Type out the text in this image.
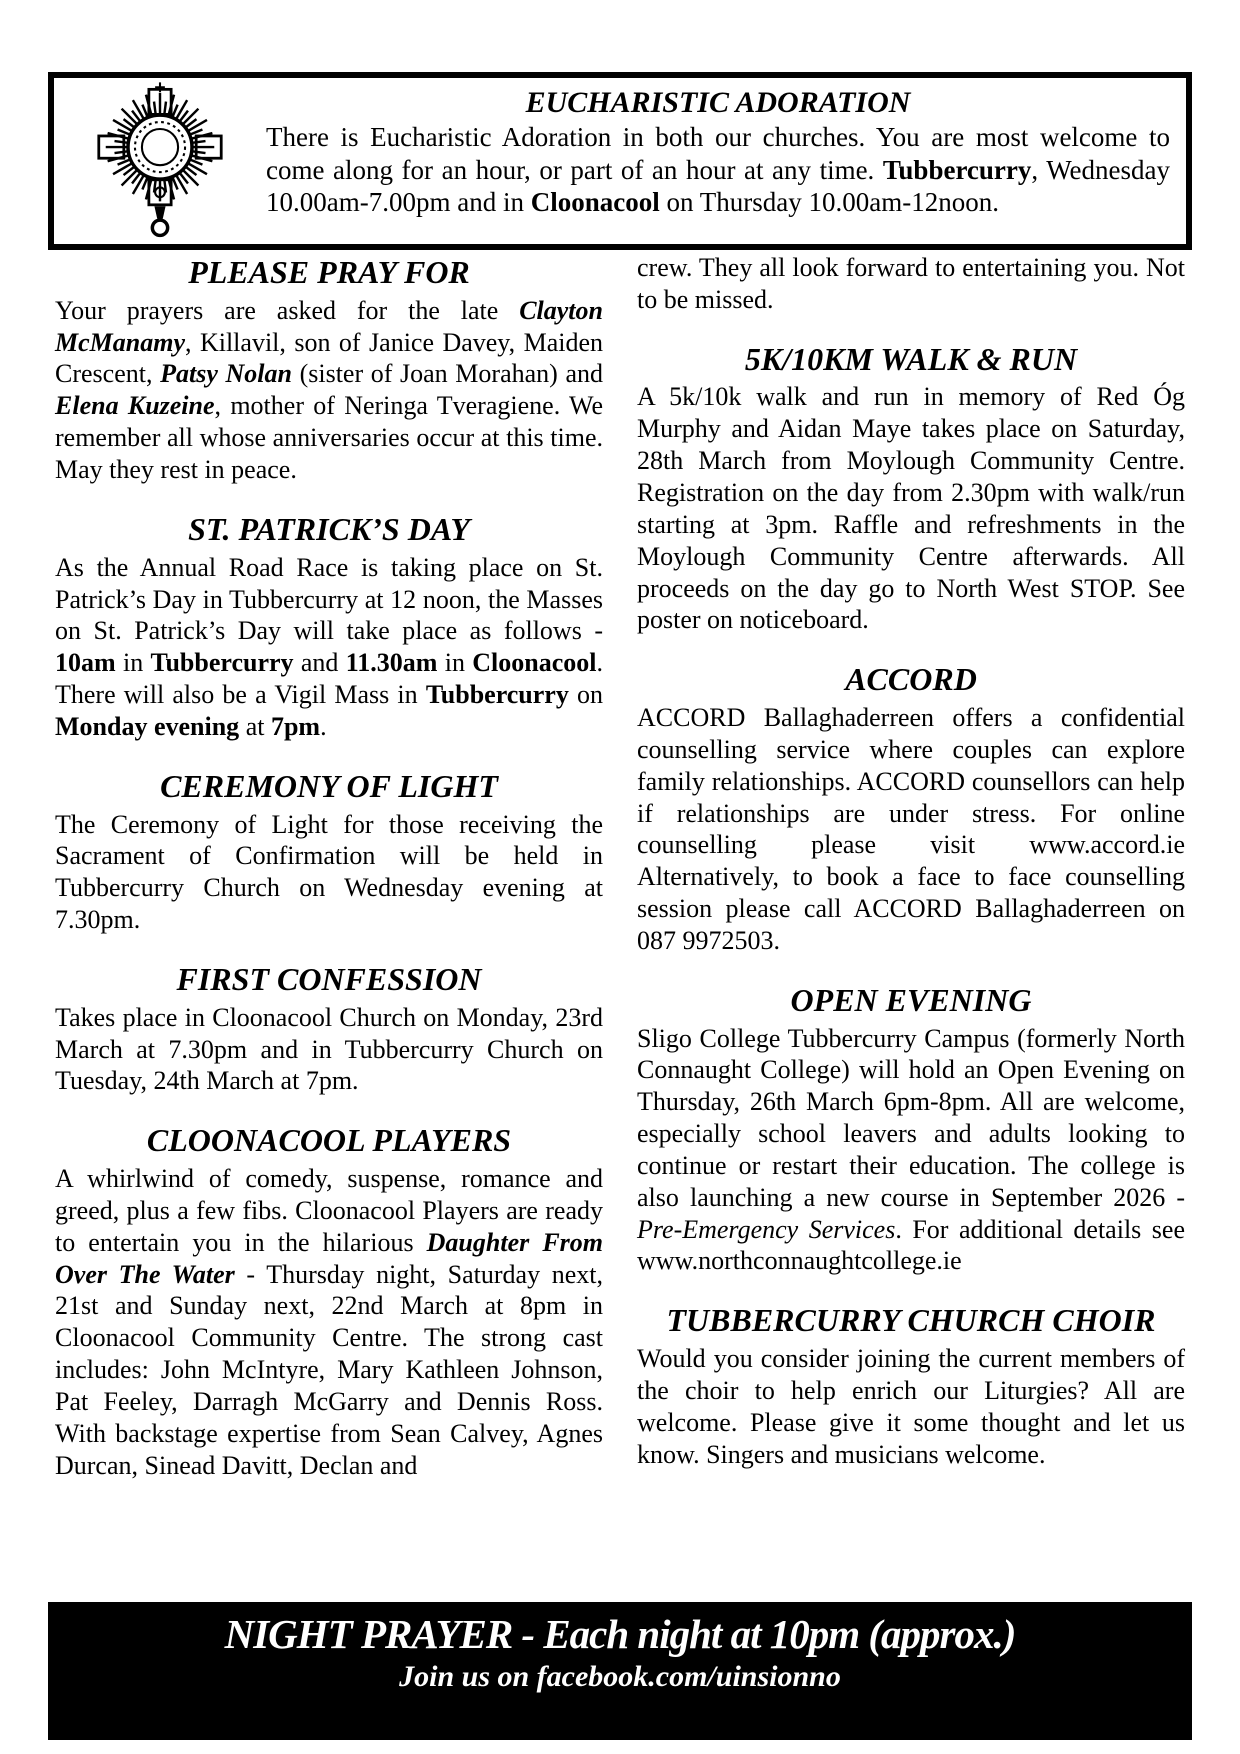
EUCHARISTIC ADORATION

There is Eucharistic Adoration in both our churches. You are most welcome to come along for an hour, or part of an hour at any time. Tubbercurry, Wednesday 10.00am-7.00pm and in Cloonacool on Thursday 10.00am-12noon.

PLEASE PRAY FOR

Your prayers are asked for the late Clayton McManamy, Killavil, son of Janice Davey, Maiden Crescent, Patsy Nolan (sister of Joan Morahan) and Elena Kuzeine, mother of Neringa Tveragiene. We remember all whose anniversaries occur at this time. May they rest in peace.

ST. PATRICK’S DAY

As the Annual Road Race is taking place on St. Patrick’s Day in Tubbercurry at 12 noon, the Masses on St. Patrick’s Day will take place as follows - 10am in Tubbercurry and 11.30am in Cloonacool. There will also be a Vigil Mass in Tubbercurry on Monday evening at 7pm.

CEREMONY OF LIGHT

The Ceremony of Light for those receiving the Sacrament of Confirmation will be held in Tubbercurry Church on Wednesday evening at 7.30pm.

FIRST CONFESSION

Takes place in Cloonacool Church on Monday, 23rd March at 7.30pm and in Tubbercurry Church on Tuesday, 24th March at 7pm.

CLOONACOOL PLAYERS

A whirlwind of comedy, suspense, romance and greed, plus a few fibs. Cloonacool Players are ready to entertain you in the hilarious Daughter From Over The Water - Thursday night, Saturday next, 21st and Sunday next, 22nd March at 8pm in Cloonacool Community Centre. The strong cast includes: John McIntyre, Mary Kathleen Johnson, Pat Feeley, Darragh McGarry and Dennis Ross. With backstage expertise from Sean Calvey, Agnes Durcan, Sinead Davitt, Declan and

crew. They all look forward to entertaining you. Not to be missed.

5K/10KM WALK & RUN

A 5k/10k walk and run in memory of Red Óg Murphy and Aidan Maye takes place on Saturday, 28th March from Moylough Community Centre. Registration on the day from 2.30pm with walk/run starting at 3pm. Raffle and refreshments in the Moylough Community Centre afterwards. All proceeds on the day go to North West STOP. See poster on noticeboard.

ACCORD

ACCORD Ballaghaderreen offers a confidential counselling service where couples can explore family relationships. ACCORD counsellors can help if relationships are under stress. For online counselling please visit www.accord.ie Alternatively, to book a face to face counselling session please call ACCORD Ballaghaderreen on 087 9972503.

OPEN EVENING

Sligo College Tubbercurry Campus (formerly North Connaught College) will hold an Open Evening on Thursday, 26th March 6pm-8pm. All are welcome, especially school leavers and adults looking to continue or restart their education. The college is also launching a new course in September 2026 - Pre-Emergency Services. For additional details see www.northconnaughtcollege.ie

TUBBERCURRY CHURCH CHOIR

Would you consider joining the current members of the choir to help enrich our Liturgies? All are welcome. Please give it some thought and let us know. Singers and musicians welcome.

NIGHT PRAYER - Each night at 10pm (approx.)
Join us on facebook.com/uinsionno
